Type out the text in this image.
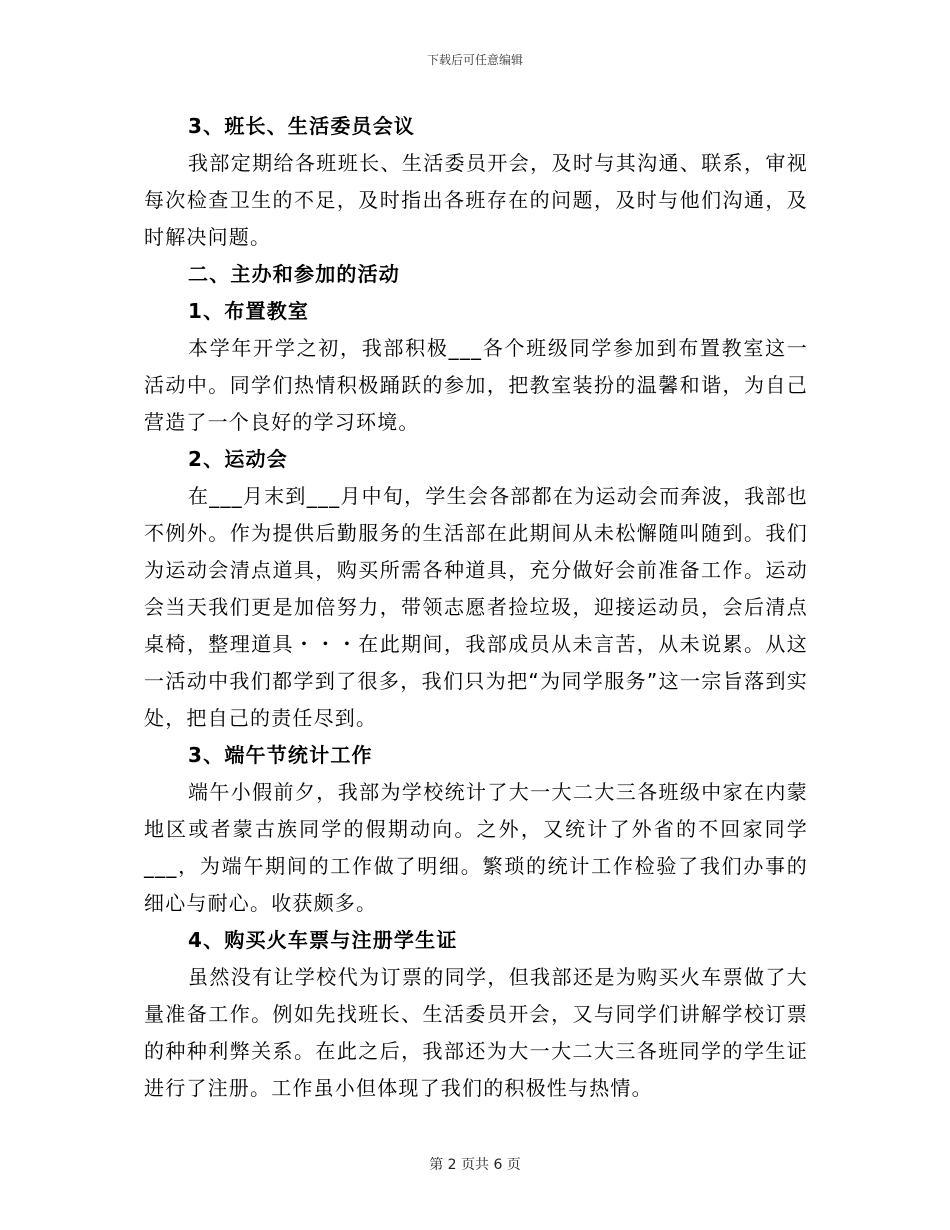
下载后可任意编辑

3、班长、生活委员会议

我部定期给各班班长、生活委员开会，及时与其沟通、联系，审视每次检查卫生的不足，及时指出各班存在的问题，及时与他们沟通，及时解决问题。

二、主办和参加的活动

1、布置教室

本学年开学之初，我部积极___各个班级同学参加到布置教室这一活动中。同学们热情积极踊跃的参加，把教室装扮的温馨和谐，为自己营造了一个良好的学习环境。

2、运动会

在___月末到___月中旬，学生会各部都在为运动会而奔波，我部也不例外。作为提供后勤服务的生活部在此期间从未松懈随叫随到。我们为运动会清点道具，购买所需各种道具，充分做好会前准备工作。运动会当天我们更是加倍努力，带领志愿者捡垃圾，迎接运动员，会后清点桌椅，整理道具・・・在此期间，我部成员从未言苦，从未说累。从这一活动中我们都学到了很多，我们只为把“为同学服务”这一宗旨落到实处，把自己的责任尽到。

3、端午节统计工作

端午小假前夕，我部为学校统计了大一大二大三各班级中家在内蒙地区或者蒙古族同学的假期动向。之外，又统计了外省的不回家同学___，为端午期间的工作做了明细。繁琐的统计工作检验了我们办事的细心与耐心。收获颇多。

4、购买火车票与注册学生证

虽然没有让学校代为订票的同学，但我部还是为购买火车票做了大量准备工作。例如先找班长、生活委员开会，又与同学们讲解学校订票的种种利弊关系。在此之后，我部还为大一大二大三各班同学的学生证进行了注册。工作虽小但体现了我们的积极性与热情。

第 2 页共 6 页
